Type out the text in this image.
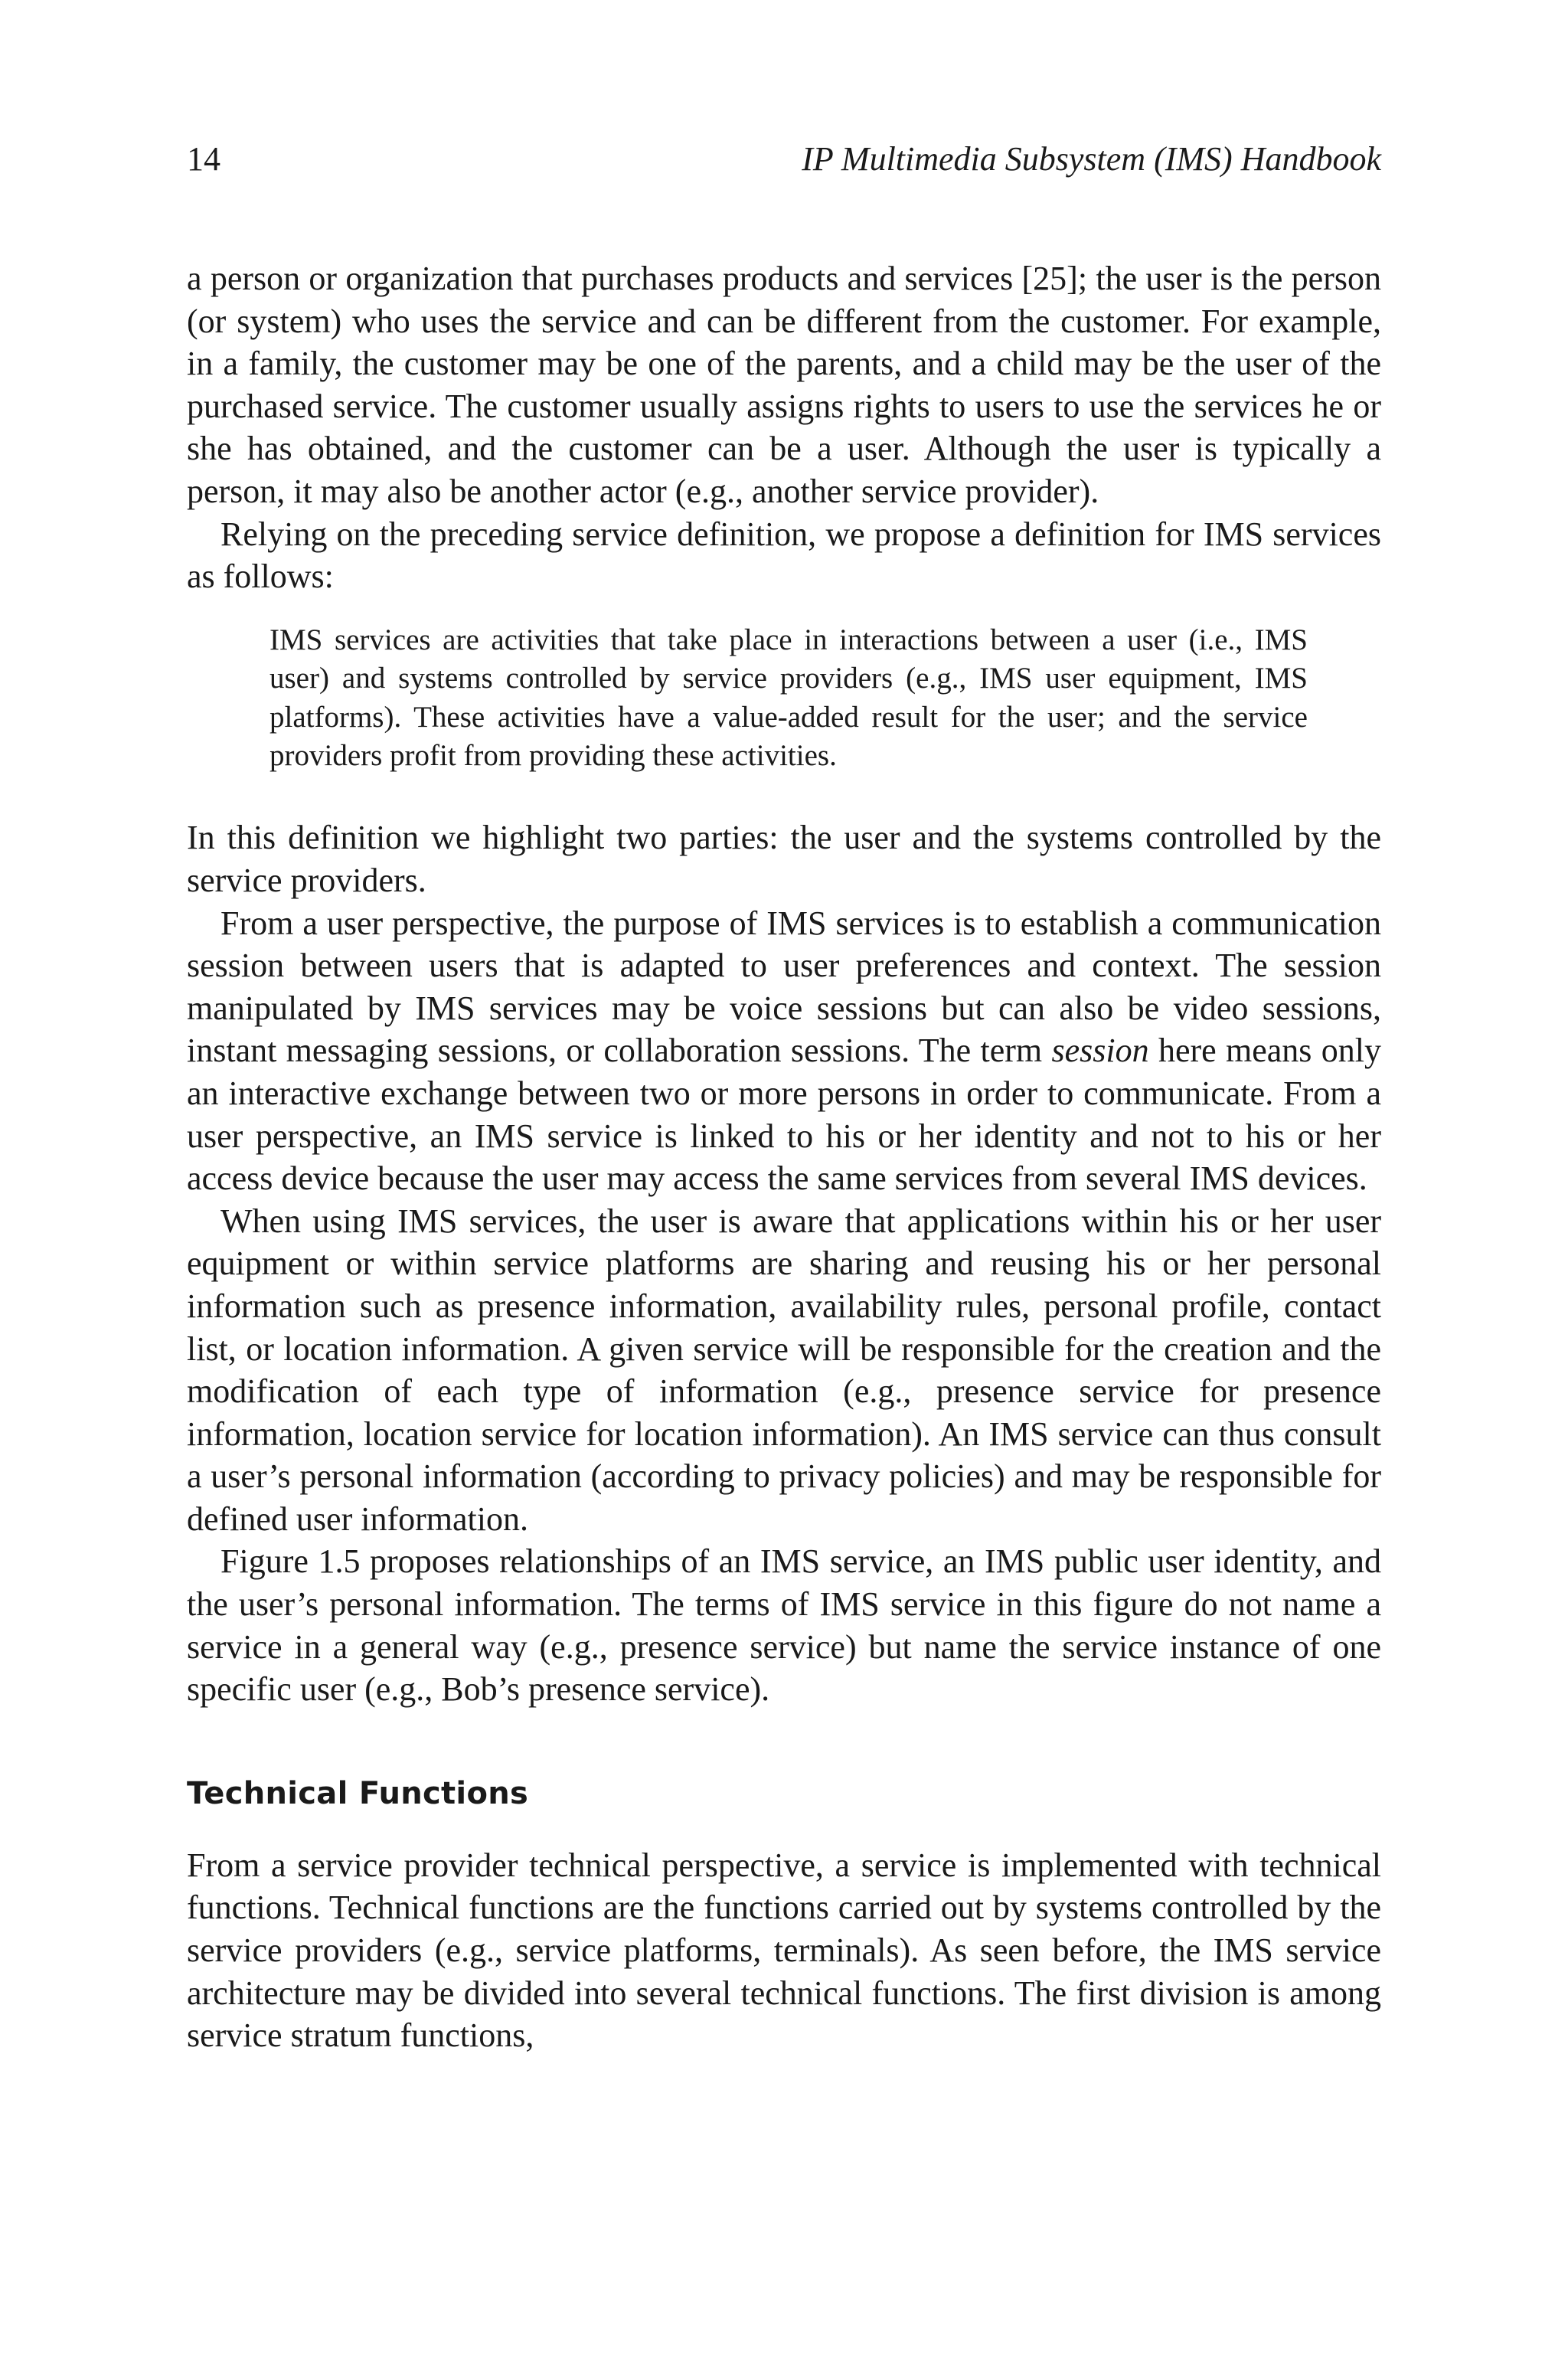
14	IP Multimedia Subsystem (IMS) Handbook

a person or organization that purchases products and services [25]; the user is the person (or system) who uses the service and can be different from the customer. For example, in a family, the customer may be one of the parents, and a child may be the user of the purchased service. The customer usually assigns rights to users to use the services he or she has obtained, and the customer can be a user. Although the user is typically a person, it may also be another actor (e.g., another service provider).

Relying on the preceding service definition, we propose a definition for IMS services as follows:

IMS services are activities that take place in interactions between a user (i.e., IMS user) and systems controlled by service providers (e.g., IMS user equipment, IMS platforms). These activities have a value-added result for the user; and the service providers profit from providing these activities.

In this definition we highlight two parties: the user and the systems controlled by the service providers.

From a user perspective, the purpose of IMS services is to establish a communication session between users that is adapted to user preferences and context. The session manipulated by IMS services may be voice sessions but can also be video sessions, instant messaging sessions, or collaboration sessions. The term session here means only an interactive exchange between two or more persons in order to communicate. From a user perspective, an IMS service is linked to his or her identity and not to his or her access device because the user may access the same services from several IMS devices.

When using IMS services, the user is aware that applications within his or her user equipment or within service platforms are sharing and reusing his or her personal information such as presence information, availability rules, personal profile, contact list, or location information. A given service will be responsible for the creation and the modification of each type of information (e.g., presence service for presence information, location service for location information). An IMS service can thus consult a user’s personal information (according to privacy policies) and may be responsible for defined user information.

Figure 1.5 proposes relationships of an IMS service, an IMS public user identity, and the user’s personal information. The terms of IMS service in this figure do not name a service in a general way (e.g., presence service) but name the service instance of one specific user (e.g., Bob’s presence service).

Technical Functions

From a service provider technical perspective, a service is implemented with technical functions. Technical functions are the functions carried out by systems controlled by the service providers (e.g., service platforms, terminals). As seen before, the IMS service architecture may be divided into several technical functions. The first division is among service stratum functions,
